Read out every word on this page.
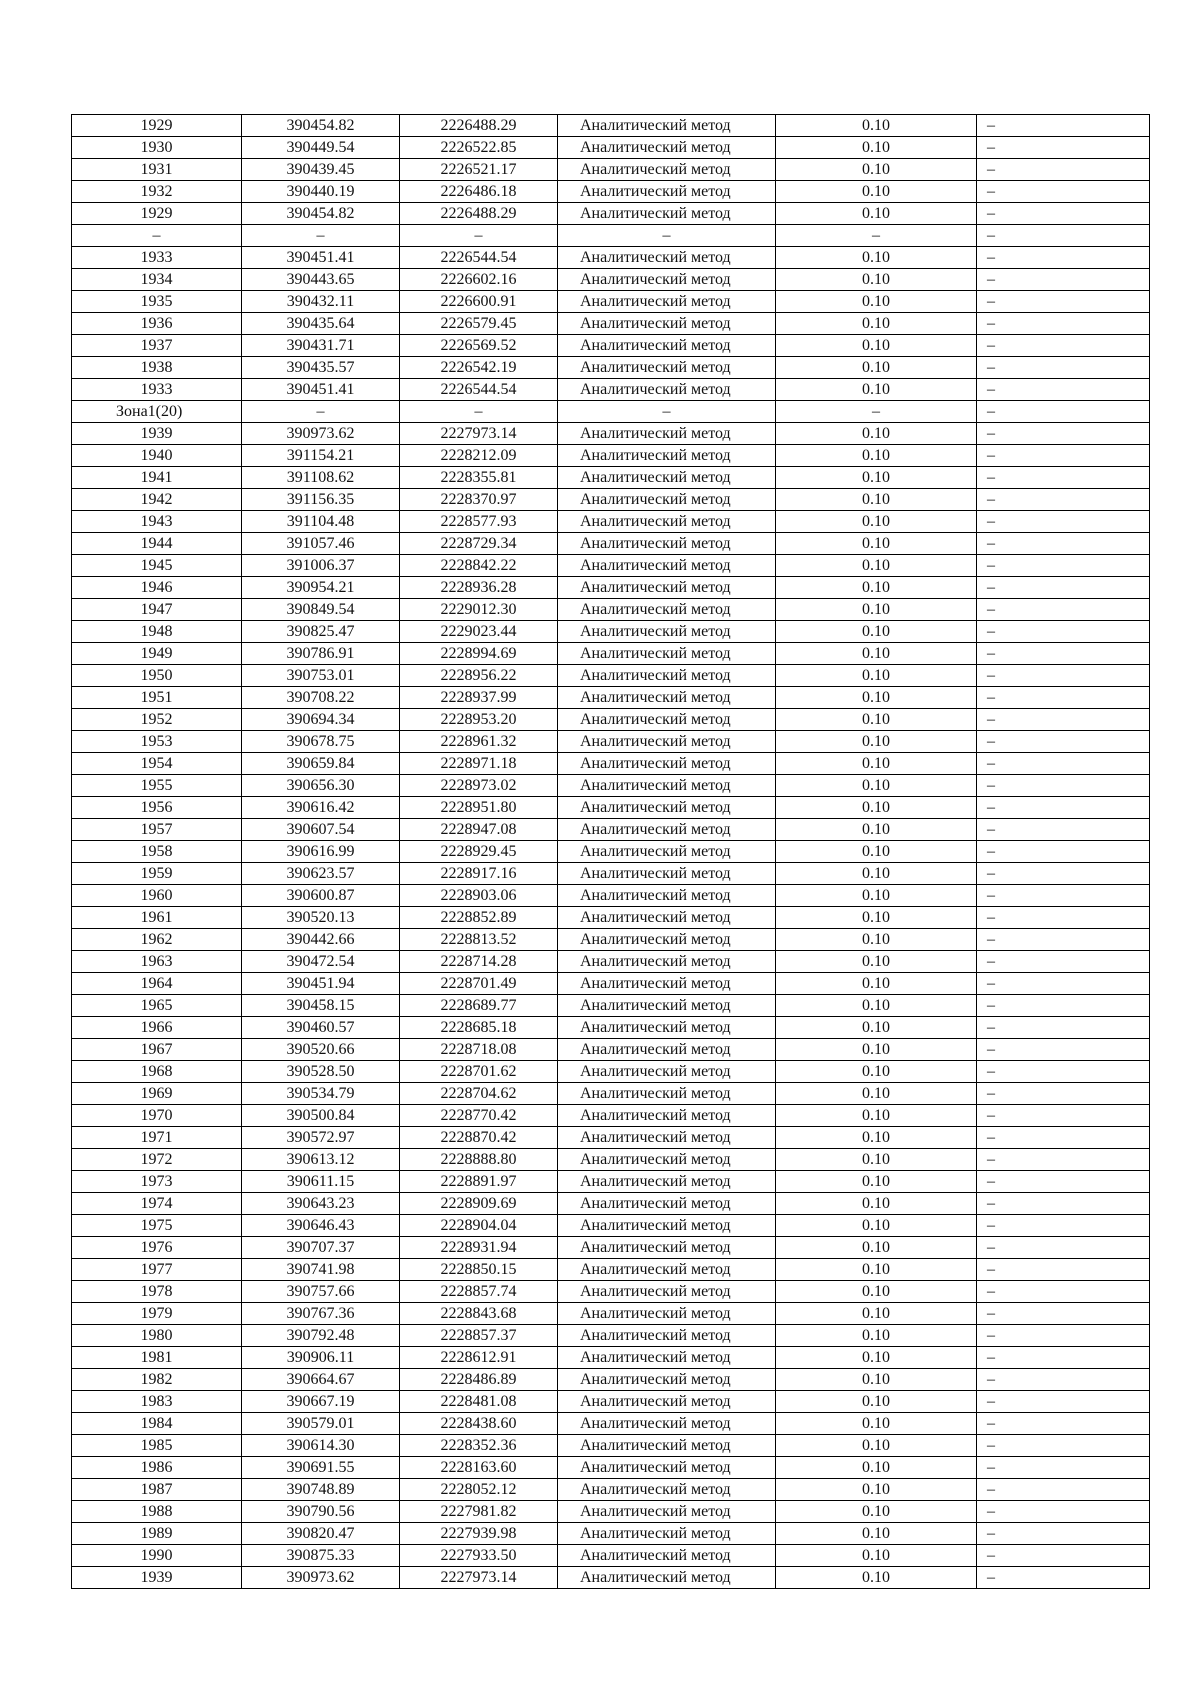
1929	390454.82	2226488.29	Аналитический метод	0.10	–
1930	390449.54	2226522.85	Аналитический метод	0.10	–
1931	390439.45	2226521.17	Аналитический метод	0.10	–
1932	390440.19	2226486.18	Аналитический метод	0.10	–
1929	390454.82	2226488.29	Аналитический метод	0.10	–
–	–	–	–	–	–
1933	390451.41	2226544.54	Аналитический метод	0.10	–
1934	390443.65	2226602.16	Аналитический метод	0.10	–
1935	390432.11	2226600.91	Аналитический метод	0.10	–
1936	390435.64	2226579.45	Аналитический метод	0.10	–
1937	390431.71	2226569.52	Аналитический метод	0.10	–
1938	390435.57	2226542.19	Аналитический метод	0.10	–
1933	390451.41	2226544.54	Аналитический метод	0.10	–
Зона1(20)	–	–	–	–	–
1939	390973.62	2227973.14	Аналитический метод	0.10	–
1940	391154.21	2228212.09	Аналитический метод	0.10	–
1941	391108.62	2228355.81	Аналитический метод	0.10	–
1942	391156.35	2228370.97	Аналитический метод	0.10	–
1943	391104.48	2228577.93	Аналитический метод	0.10	–
1944	391057.46	2228729.34	Аналитический метод	0.10	–
1945	391006.37	2228842.22	Аналитический метод	0.10	–
1946	390954.21	2228936.28	Аналитический метод	0.10	–
1947	390849.54	2229012.30	Аналитический метод	0.10	–
1948	390825.47	2229023.44	Аналитический метод	0.10	–
1949	390786.91	2228994.69	Аналитический метод	0.10	–
1950	390753.01	2228956.22	Аналитический метод	0.10	–
1951	390708.22	2228937.99	Аналитический метод	0.10	–
1952	390694.34	2228953.20	Аналитический метод	0.10	–
1953	390678.75	2228961.32	Аналитический метод	0.10	–
1954	390659.84	2228971.18	Аналитический метод	0.10	–
1955	390656.30	2228973.02	Аналитический метод	0.10	–
1956	390616.42	2228951.80	Аналитический метод	0.10	–
1957	390607.54	2228947.08	Аналитический метод	0.10	–
1958	390616.99	2228929.45	Аналитический метод	0.10	–
1959	390623.57	2228917.16	Аналитический метод	0.10	–
1960	390600.87	2228903.06	Аналитический метод	0.10	–
1961	390520.13	2228852.89	Аналитический метод	0.10	–
1962	390442.66	2228813.52	Аналитический метод	0.10	–
1963	390472.54	2228714.28	Аналитический метод	0.10	–
1964	390451.94	2228701.49	Аналитический метод	0.10	–
1965	390458.15	2228689.77	Аналитический метод	0.10	–
1966	390460.57	2228685.18	Аналитический метод	0.10	–
1967	390520.66	2228718.08	Аналитический метод	0.10	–
1968	390528.50	2228701.62	Аналитический метод	0.10	–
1969	390534.79	2228704.62	Аналитический метод	0.10	–
1970	390500.84	2228770.42	Аналитический метод	0.10	–
1971	390572.97	2228870.42	Аналитический метод	0.10	–
1972	390613.12	2228888.80	Аналитический метод	0.10	–
1973	390611.15	2228891.97	Аналитический метод	0.10	–
1974	390643.23	2228909.69	Аналитический метод	0.10	–
1975	390646.43	2228904.04	Аналитический метод	0.10	–
1976	390707.37	2228931.94	Аналитический метод	0.10	–
1977	390741.98	2228850.15	Аналитический метод	0.10	–
1978	390757.66	2228857.74	Аналитический метод	0.10	–
1979	390767.36	2228843.68	Аналитический метод	0.10	–
1980	390792.48	2228857.37	Аналитический метод	0.10	–
1981	390906.11	2228612.91	Аналитический метод	0.10	–
1982	390664.67	2228486.89	Аналитический метод	0.10	–
1983	390667.19	2228481.08	Аналитический метод	0.10	–
1984	390579.01	2228438.60	Аналитический метод	0.10	–
1985	390614.30	2228352.36	Аналитический метод	0.10	–
1986	390691.55	2228163.60	Аналитический метод	0.10	–
1987	390748.89	2228052.12	Аналитический метод	0.10	–
1988	390790.56	2227981.82	Аналитический метод	0.10	–
1989	390820.47	2227939.98	Аналитический метод	0.10	–
1990	390875.33	2227933.50	Аналитический метод	0.10	–
1939	390973.62	2227973.14	Аналитический метод	0.10	–
